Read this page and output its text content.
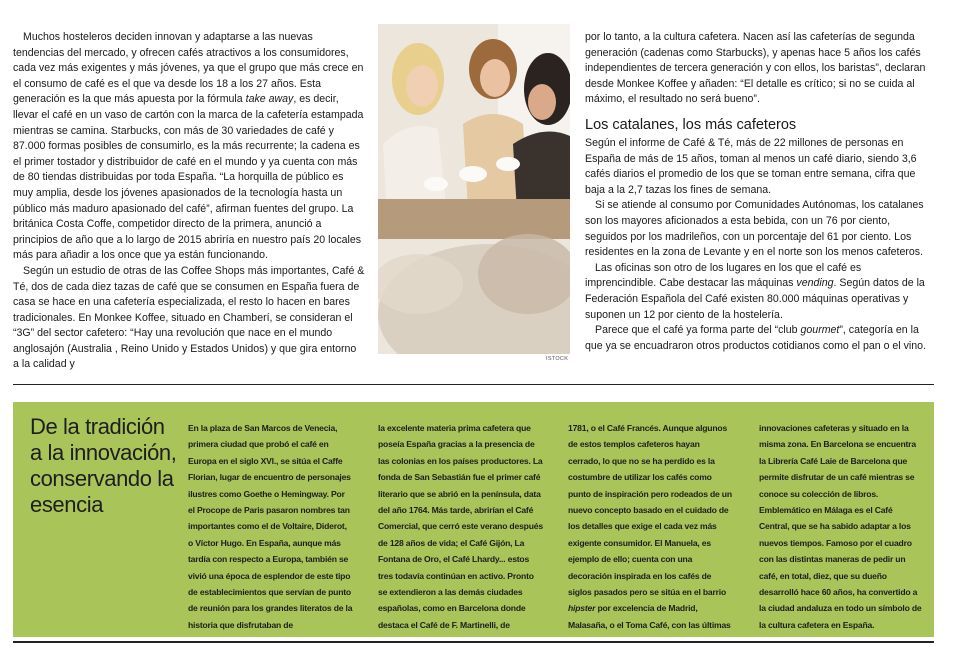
Muchos hosteleros deciden innovan y adaptarse a las nuevas tendencias del mercado, y ofrecen cafés atractivos a los consumidores, cada vez más exigentes y más jóvenes, ya que el grupo que más crece en el consumo de café es el que va desde los 18 a los 27 años. Esta generación es la que más apuesta por la fórmula take away, es decir, llevar el café en un vaso de cartón con la marca de la cafetería estampada mientras se camina. Starbucks, con más de 30 variedades de café y 87.000 formas posibles de consumirlo, es la más recurrente; la cadena es el primer tostador y distribuidor de café en el mundo y ya cuenta con más de 80 tiendas distribuidas por toda España. “La horquilla de público es muy amplia, desde los jóvenes apasionados de la tecnología hasta un público más maduro apasionado del café”, afirman fuentes del grupo. La británica Costa Coffe, competidor directo de la primera, anunció a principios de año que a lo largo de 2015 abriría en nuestro país 20 locales más para añadir a los once que ya están funcionando.

Según un estudio de otras de las Coffee Shops más importantes, Café & Té, dos de cada diez tazas de café que se consumen en España fuera de casa se hace en una cafetería especializada, el resto lo hacen en bares tradicionales. En Monkee Koffee, situado en Chamberí, se consideran el “3G” del sector cafetero: “Hay una revolución que nace en el mundo anglosajón (Australia , Reino Unido y Estados Unidos) y que gira entorno a la calidad y	ISTOCK

por lo tanto, a la cultura cafetera. Nacen así las cafeterías de segunda generación (cadenas como Starbucks), y apenas hace 5 años los cafés independientes de tercera generación y con ellos, los baristas”, declaran desde Monkee Koffee y añaden: “El detalle es crítico; si no se cuida al máximo, el resultado no será bueno”.

Los catalanes, los más cafeteros

Según el informe de Café & Té, más de 22 millones de personas en España de más de 15 años, toman al menos un café diario, siendo 3,6 cafés diarios el promedio de los que se toman entre semana, cifra que baja a la 2,7 tazas los fines de semana.

Si se atiende al consumo por Comunidades Autónomas, los catalanes son los mayores aficionados a esta bebida, con un 76 por ciento, seguidos por los madrileños, con un porcentaje del 61 por ciento. Los residentes en la zona de Levante y en el norte son los menos cafeteros.

Las oficinas son otro de los lugares en los que el café es imprencindible. Cabe destacar las máquinas vending. Según datos de la Federación Española del Café existen 80.000 máquinas operativas y suponen un 12 por ciento de la hostelería.

Parece que el café ya forma parte del “club gourmet”, categoría en la que ya se encuadraron otros productos cotidianos como el pan o el vino.

De la tradición a la innovación, conservando la esencia

En la plaza de San Marcos de Venecia, primera ciudad que probó el café en Europa en el siglo XVI., se sitúa el Caffe Florian, lugar de encuentro de personajes ilustres como Goethe o Hemingway. Por el Procope de Paris pasaron nombres tan importantes como el de Voltaire, Diderot, o Víctor Hugo. En España, aunque más tardía con respecto a Europa, también se vivió una época de esplendor de este tipo de establecimientos que servían de punto de reunión para los grandes literatos de la historia que disfrutaban de

la excelente materia prima cafetera que poseía España gracias a la presencia de las colonias en los países productores. La fonda de San Sebastián fue el primer café literario que se abrió en la península, data del año 1764. Más tarde, abrirían el Café Comercial, que cerró este verano después de 128 años de vida; el Café Gijón, La Fontana de Oro, el Café Lhardy... estos tres todavía continúan en activo. Pronto se extendieron a las demás ciudades españolas, como en Barcelona donde destaca el Café de F. Martinelli, de

1781, o el Café Francés. Aunque algunos de estos templos cafeteros hayan cerrado, lo que no se ha perdido es la costumbre de utilizar los cafés como punto de inspiración pero rodeados de un nuevo concepto basado en el cuidado de los detalles que exige el cada vez más exigente consumidor. El Manuela, es ejemplo de ello; cuenta con una decoración inspirada en los cafés de siglos pasados pero se sitúa en el barrio hipster por excelencia de Madrid, Malasaña, o el Toma Café, con las últimas

innovaciones cafeteras y situado en la misma zona. En Barcelona se encuentra la Librería Café Laie de Barcelona que permite disfrutar de un café mientras se conoce su colección de libros. Emblemático en Málaga es el Café Central, que se ha sabido adaptar a los nuevos tiempos. Famoso por el cuadro con las distintas maneras de pedir un café, en total, diez, que su dueño desarrolló hace 60 años, ha convertido a la ciudad andaluza en todo un símbolo de la cultura cafetera en España.
